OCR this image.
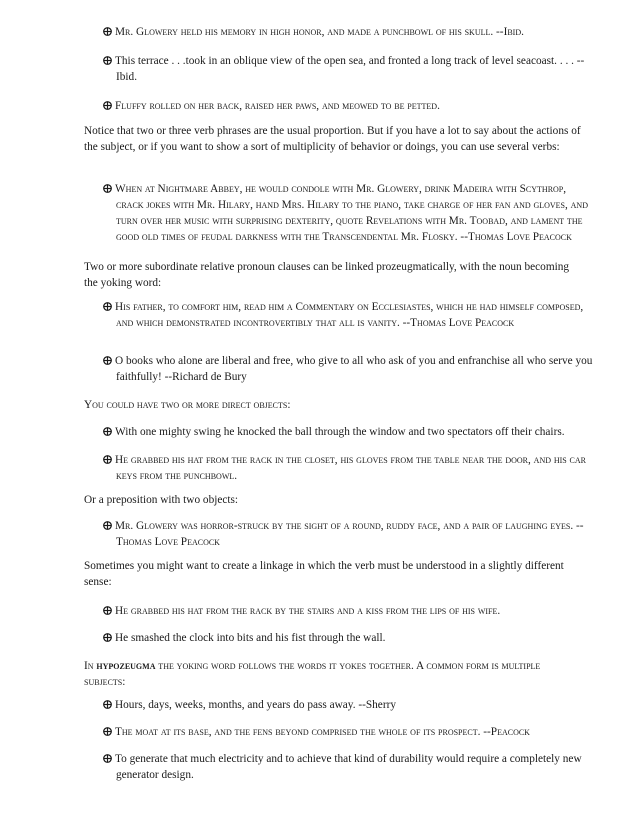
Mr. Glowery held his memory in high honor, and made a punchbowl of his skull. --Ibid.

This terrace . . .took in an oblique view of the open sea, and fronted a long track of level seacoast. . . . --Ibid.

Fluffy rolled on her back, raised her paws, and meowed to be petted.

Notice that two or three verb phrases are the usual proportion. But if you have a lot to say about the actions of the subject, or if you want to show a sort of multiplicity of behavior or doings, you can use several verbs:

When at Nightmare Abbey, he would condole with Mr. Glowery, drink Madeira with Scythrop, crack jokes with Mr. Hilary, hand Mrs. Hilary to the piano, take charge of her fan and gloves, and turn over her music with surprising dexterity, quote Revelations with Mr. Toobad, and lament the good old times of feudal darkness with the Transcendental Mr. Flosky. --Thomas Love Peacock

Two or more subordinate relative pronoun clauses can be linked prozeugmatically, with the noun becoming the yoking word:

His father, to comfort him, read him a Commentary on Ecclesiastes, which he had himself composed, and which demonstrated incontrovertibly that all is vanity. --Thomas Love Peacock

O books who alone are liberal and free, who give to all who ask of you and enfranchise all who serve you faithfully! --Richard de Bury

You could have two or more direct objects:

With one mighty swing he knocked the ball through the window and two spectators off their chairs.

He grabbed his hat from the rack in the closet, his gloves from the table near the door, and his car keys from the punchbowl.

Or a preposition with two objects:

Mr. Glowery was horror-struck by the sight of a round, ruddy face, and a pair of laughing eyes. --Thomas Love Peacock

Sometimes you might want to create a linkage in which the verb must be understood in a slightly different sense:

He grabbed his hat from the rack by the stairs and a kiss from the lips of his wife.

He smashed the clock into bits and his fist through the wall.

In hypozeugma the yoking word follows the words it yokes together. A common form is multiple subjects:

Hours, days, weeks, months, and years do pass away. --Sherry

The moat at its base, and the fens beyond comprised the whole of its prospect. --Peacock

To generate that much electricity and to achieve that kind of durability would require a completely new generator design.
